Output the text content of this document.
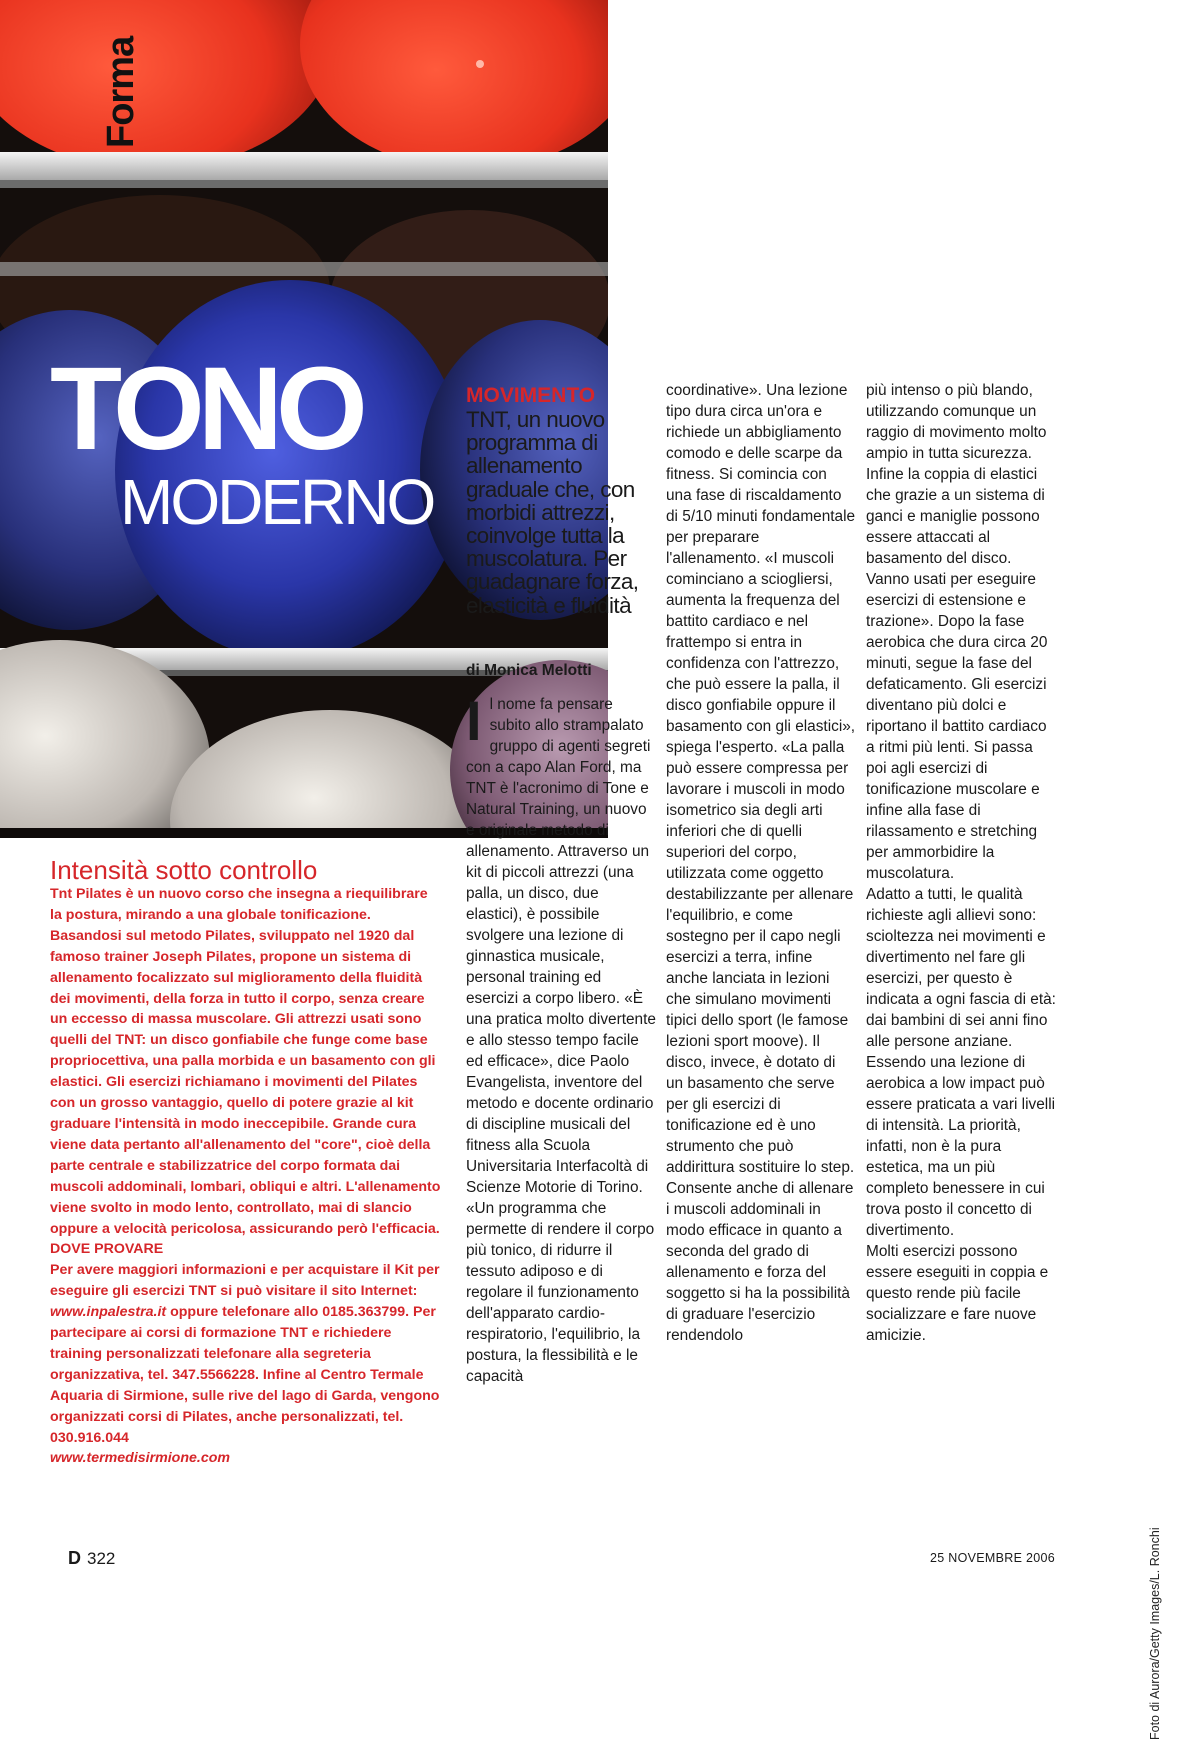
Forma
TONO
MODERNO
Intensità sotto controllo

Tnt Pilates è un nuovo corso che insegna a riequilibrare la postura, mirando a una globale tonificazione. Basandosi sul metodo Pilates, sviluppato nel 1920 dal famoso trainer Joseph Pilates, propone un sistema di allenamento focalizzato sul miglioramento della fluidità dei movimenti, della forza in tutto il corpo, senza creare un eccesso di massa muscolare. Gli attrezzi usati sono quelli del TNT: un disco gonfiabile che funge come base propriocettiva, una palla morbida e un basamento con gli elastici. Gli esercizi richiamano i movimenti del Pilates con un grosso vantaggio, quello di potere grazie al kit graduare l'intensità in modo ineccepibile. Grande cura viene data pertanto all'allenamento del "core", cioè della parte centrale e stabilizzatrice del corpo formata dai muscoli addominali, lombari, obliqui e altri. L'allenamento viene svolto in modo lento, controllato, mai di slancio oppure a velocità pericolosa, assicurando però l'efficacia.

DOVE PROVARE

Per avere maggiori informazioni e per acquistare il Kit per eseguire gli esercizi TNT si può visitare il sito Internet: www.inpalestra.it oppure telefonare allo 0185.363799. Per partecipare ai corsi di formazione TNT e richiedere training personalizzati telefonare alla segreteria organizzativa, tel. 347.5566228. Infine al Centro Termale Aquaria di Sirmione, sulle rive del lago di Garda, vengono organizzati corsi di Pilates, anche personalizzati, tel. 030.916.044
www.termedisirmione.com

MOVIMENTO
TNT, un nuovo programma di allenamento graduale che, con morbidi attrezzi, coinvolge tutta la muscolatura. Per guadagnare forza, elasticità e fluidità
di Monica Melotti

Il nome fa pensare subito allo strampalato gruppo di agenti segreti con a capo Alan Ford, ma TNT è l'acronimo di Tone e Natural Training, un nuovo e originale metodo di allenamento. Attraverso un kit di piccoli attrezzi (una palla, un disco, due elastici), è possibile svolgere una lezione di ginnastica musicale, personal training ed esercizi a corpo libero. «È una pratica molto divertente e allo stesso tempo facile ed efficace», dice Paolo Evangelista, inventore del metodo e docente ordinario di discipline musicali del fitness alla Scuola Universitaria Interfacoltà di Scienze Motorie di Torino. «Un programma che permette di rendere il corpo più tonico, di ridurre il tessuto adiposo e di regolare il funzionamento dell'apparato cardio-respiratorio, l'equilibrio, la postura, la flessibilità e le capacità

coordinative». Una lezione tipo dura circa un'ora e richiede un abbigliamento comodo e delle scarpe da fitness. Si comincia con una fase di riscaldamento di 5/10 minuti fondamentale per preparare l'allenamento. «I muscoli cominciano a sciogliersi, aumenta la frequenza del battito cardiaco e nel frattempo si entra in confidenza con l'attrezzo, che può essere la palla, il disco gonfiabile oppure il basamento con gli elastici», spiega l'esperto. «La palla può essere compressa per lavorare i muscoli in modo isometrico sia degli arti inferiori che di quelli superiori del corpo, utilizzata come oggetto destabilizzante per allenare l'equilibrio, e come sostegno per il capo negli esercizi a terra, infine anche lanciata in lezioni che simulano movimenti tipici dello sport (le famose lezioni sport moove). Il disco, invece, è dotato di un basamento che serve per gli esercizi di tonificazione ed è uno strumento che può addirittura sostituire lo step. Consente anche di allenare i muscoli addominali in modo efficace in quanto a seconda del grado di allenamento e forza del soggetto si ha la possibilità di graduare l'esercizio rendendolo

più intenso o più blando, utilizzando comunque un raggio di movimento molto ampio in tutta sicurezza. Infine la coppia di elastici che grazie a un sistema di ganci e maniglie possono essere attaccati al basamento del disco. Vanno usati per eseguire esercizi di estensione e trazione». Dopo la fase aerobica che dura circa 20 minuti, segue la fase del defaticamento. Gli esercizi diventano più dolci e riportano il battito cardiaco a ritmi più lenti. Si passa poi agli esercizi di tonificazione muscolare e infine alla fase di rilassamento e stretching per ammorbidire la muscolatura.

Adatto a tutti, le qualità richieste agli allievi sono: scioltezza nei movimenti e divertimento nel fare gli esercizi, per questo è indicata a ogni fascia di età: dai bambini di sei anni fino alle persone anziane. Essendo una lezione di aerobica a low impact può essere praticata a vari livelli di intensità. La priorità, infatti, non è la pura estetica, ma un più completo benessere in cui trova posto il concetto di divertimento.

Molti esercizi possono essere eseguiti in coppia e questo rende più facile socializzare e fare nuove amicizie.

Foto di Aurora/Getty Images/L. Ronchi
D 322	25 NOVEMBRE 2006
